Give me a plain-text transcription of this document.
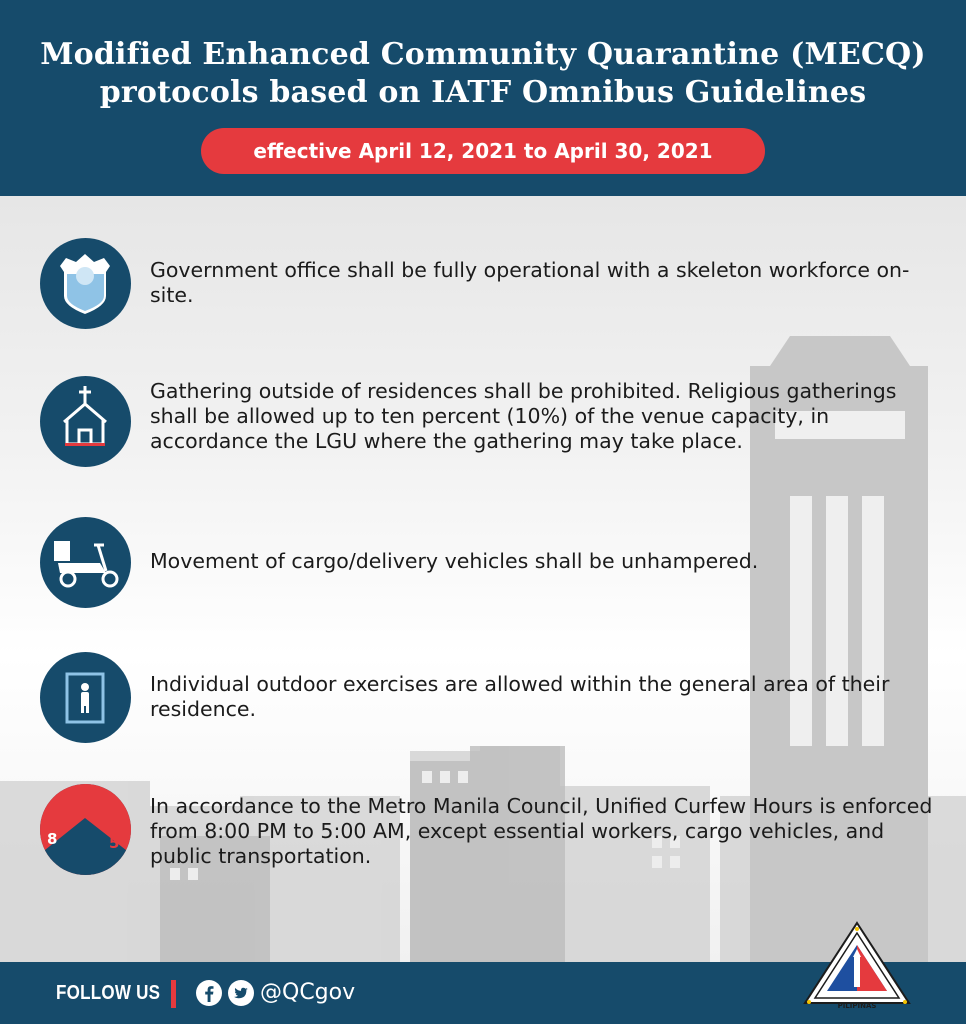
Modified Enhanced Community Quarantine (MECQ)
protocols based on IATF Omnibus Guidelines
effective April 12, 2021 to April 30, 2021
Government office shall be fully operational with a skeleton workforce on-site.
Gathering outside of residences shall be prohibited. Religious gatherings shall be allowed up to ten percent (10%) of the venue capacity, in accordance the LGU where the gathering may take place.
Movement of cargo/delivery vehicles shall be unhampered.
Individual outdoor exercises are allowed within the general area of their residence.
8	5
In accordance to the Metro Manila Council, Unified Curfew Hours is enforced from 8:00 PM to 5:00 AM, except essential workers, cargo vehicles, and public transportation.
FOLLOW US	@QCgov
PILIPINAS
